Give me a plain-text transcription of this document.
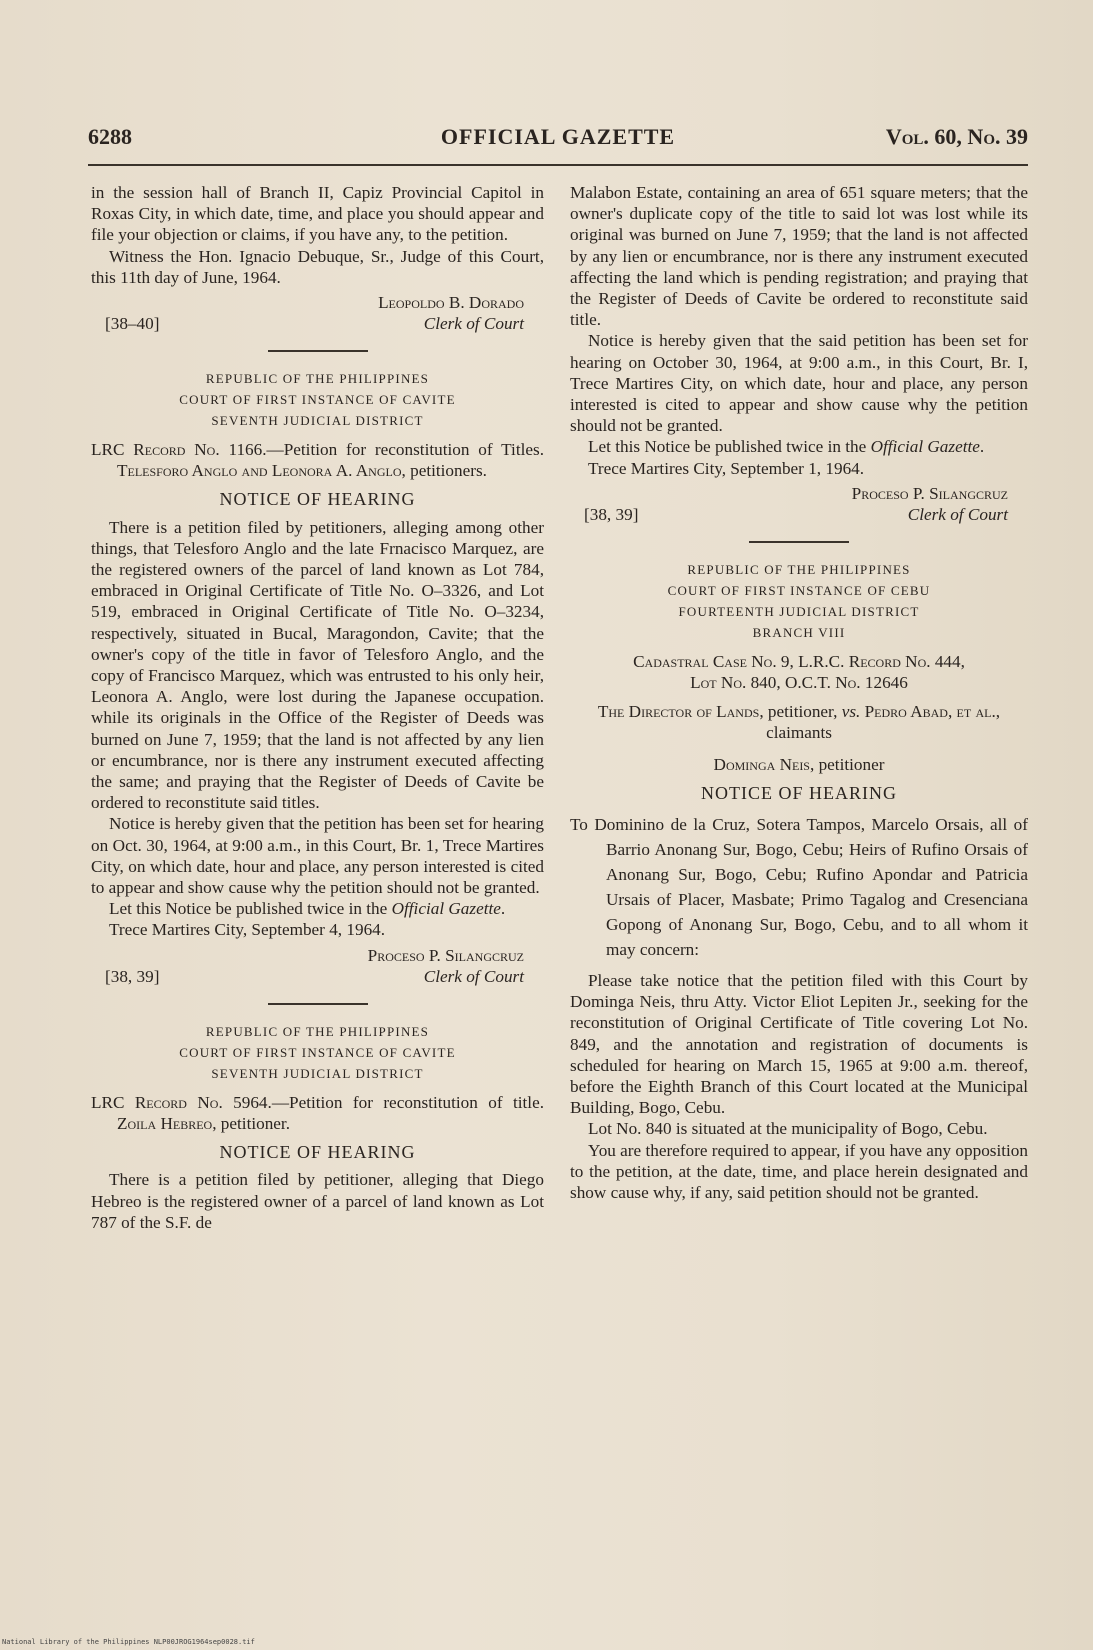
6288	OFFICIAL GAZETTE	Vol. 60, No. 39

in the session hall of Branch II, Capiz Provincial Capitol in Roxas City, in which date, time, and place you should appear and file your objection or claims, if you have any, to the petition.

Witness the Hon. Ignacio Debuque, Sr., Judge of this Court, this 11th day of June, 1964.

Leopoldo B. Dorado
[38–40]	Clerk of Court
REPUBLIC OF THE PHILIPPINES
COURT OF FIRST INSTANCE OF CAVITE
SEVENTH JUDICIAL DISTRICT
LRC Record No. 1166.—Petition for reconstitution of Titles. Telesforo Anglo and Leonora A. Anglo, petitioners.
NOTICE OF HEARING

There is a petition filed by petitioners, alleging among other things, that Telesforo Anglo and the late Frnacisco Marquez, are the registered owners of the parcel of land known as Lot 784, embraced in Original Certificate of Title No. O–3326, and Lot 519, embraced in Original Certificate of Title No. O–3234, respectively, situated in Bucal, Maragondon, Cavite; that the owner's copy of the title in favor of Telesforo Anglo, and the copy of Francisco Marquez, which was entrusted to his only heir, Leonora A. Anglo, were lost during the Japanese occupation. while its originals in the Office of the Register of Deeds was burned on June 7, 1959; that the land is not affected by any lien or encumbrance, nor is there any instrument executed affecting the same; and praying that the Register of Deeds of Cavite be ordered to reconstitute said titles.

Notice is hereby given that the petition has been set for hearing on Oct. 30, 1964, at 9:00 a.m., in this Court, Br. 1, Trece Martires City, on which date, hour and place, any person interested is cited to appear and show cause why the petition should not be granted.

Let this Notice be published twice in the Official Gazette.

Trece Martires City, September 4, 1964.

Proceso P. Silangcruz
[38, 39]	Clerk of Court
REPUBLIC OF THE PHILIPPINES
COURT OF FIRST INSTANCE OF CAVITE
SEVENTH JUDICIAL DISTRICT
LRC Record No. 5964.—Petition for reconstitution of title. Zoila Hebreo, petitioner.
NOTICE OF HEARING

There is a petition filed by petitioner, alleging that Diego Hebreo is the registered owner of a parcel of land known as Lot 787 of the S.F. de

Malabon Estate, containing an area of 651 square meters; that the owner's duplicate copy of the title to said lot was lost while its original was burned on June 7, 1959; that the land is not affected by any lien or encumbrance, nor is there any instrument executed affecting the land which is pending registration; and praying that the Register of Deeds of Cavite be ordered to reconstitute said title.

Notice is hereby given that the said petition has been set for hearing on October 30, 1964, at 9:00 a.m., in this Court, Br. I, Trece Martires City, on which date, hour and place, any person interested is cited to appear and show cause why the petition should not be granted.

Let this Notice be published twice in the Official Gazette.

Trece Martires City, September 1, 1964.

Proceso P. Silangcruz
[38, 39]	Clerk of Court
REPUBLIC OF THE PHILIPPINES
COURT OF FIRST INSTANCE OF CEBU
FOURTEENTH JUDICIAL DISTRICT
BRANCH VIII
Cadastral Case No. 9, L.R.C. Record No. 444,
Lot No. 840, O.C.T. No. 12646
The Director of Lands, petitioner, vs. Pedro Abad, et al., claimants
Dominga Neis, petitioner
NOTICE OF HEARING
To Dominino de la Cruz, Sotera Tampos, Marcelo Orsais, all of Barrio Anonang Sur, Bogo, Cebu; Heirs of Rufino Orsais of Anonang Sur, Bogo, Cebu; Rufino Apondar and Patricia Ursais of Placer, Masbate; Primo Tagalog and Cresenciana Gopong of Anonang Sur, Bogo, Cebu, and to all whom it may concern:

Please take notice that the petition filed with this Court by Dominga Neis, thru Atty. Victor Eliot Lepiten Jr., seeking for the reconstitution of Original Certificate of Title covering Lot No. 849, and the annotation and registration of documents is scheduled for hearing on March 15, 1965 at 9:00 a.m. thereof, before the Eighth Branch of this Court located at the Municipal Building, Bogo, Cebu.

Lot No. 840 is situated at the municipality of Bogo, Cebu.

You are therefore required to appear, if you have any opposition to the petition, at the date, time, and place herein designated and show cause why, if any, said petition should not be granted.

National Library of the Philippines NLP00JROG1964sep0028.tif
